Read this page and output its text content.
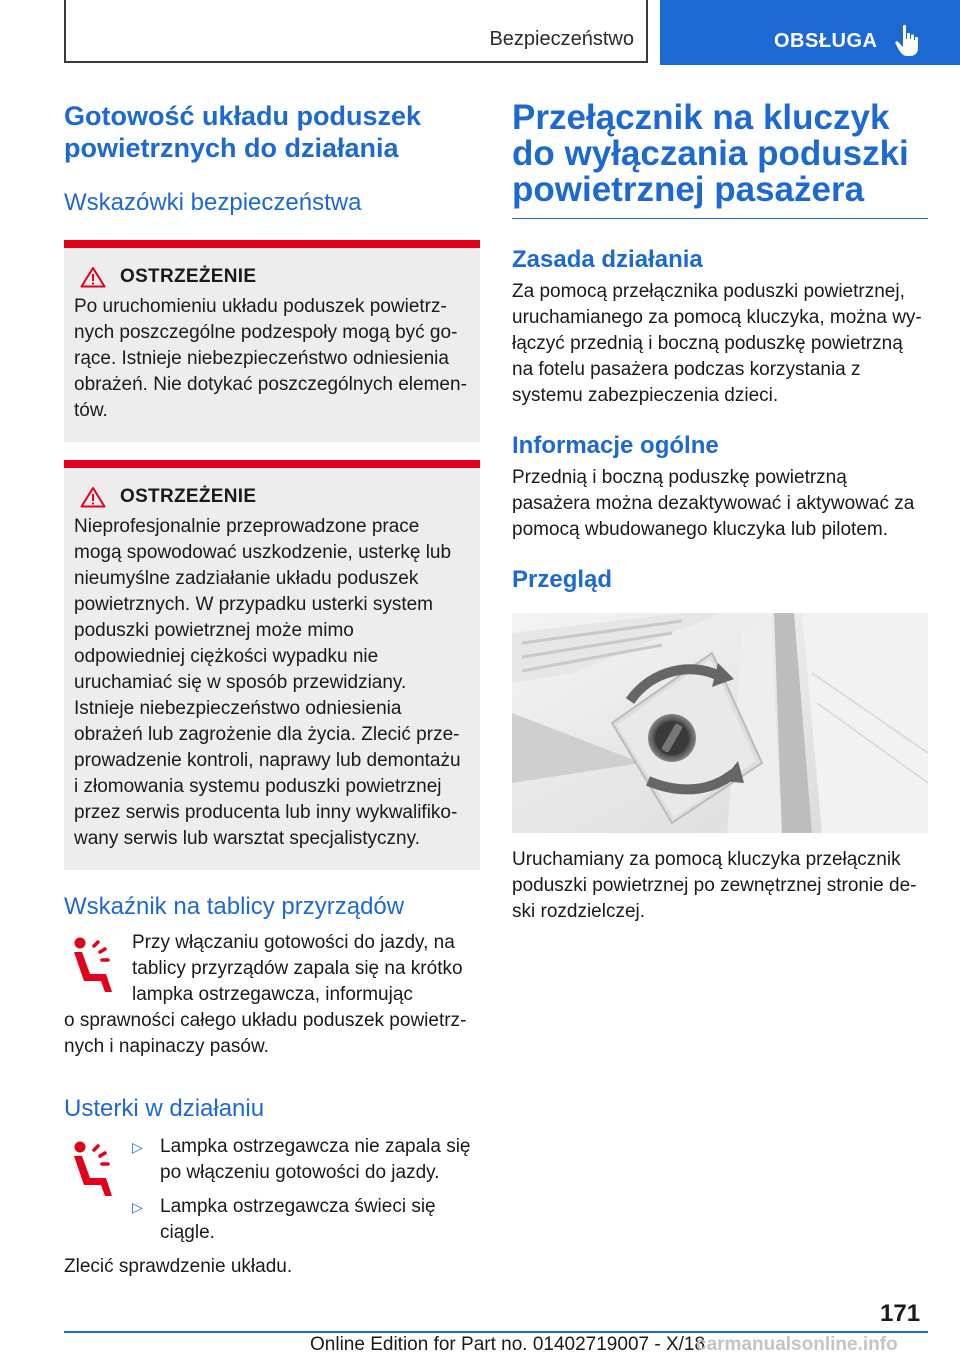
Bezpieczeństwo	OBSŁUGA
Gotowość układu poduszek powietrznych do działania
Wskazówki bezpieczeństwa
OSTRZEŻENIE

Po uruchomieniu układu poduszek powietrznych poszczególne podzespoły mogą być gorące. Istnieje niebezpieczeństwo odniesienia obrażeń. Nie dotykać poszczególnych elementów.

OSTRZEŻENIE

Nieprofesjonalnie przeprowadzone prace mogą spowodować uszkodzenie, usterkę lub nieumyślne zadziałanie układu poduszek powietrznych. W przypadku usterki system poduszki powietrznej może mimo odpowiedniej ciężkości wypadku nie uruchamiać się w sposób przewidziany. Istnieje niebezpieczeństwo odniesienia obrażeń lub zagrożenie dla życia. Zlecić przeprowadzenie kontroli, naprawy lub demontażu i złomowania systemu poduszki powietrznej przez serwis producenta lub inny wykwalifikowany serwis lub warsztat specjalistyczny.

Wskaźnik na tablicy przyrządów

Przy włączaniu gotowości do jazdy, na tablicy przyrządów zapala się na krótko lampka ostrzegawcza, informując

o sprawności całego układu poduszek powietrznych i napinaczy pasów.

Usterki w działaniu
▷ Lampka ostrzegawcza nie zapala się po włączeniu gotowości do jazdy.

▷ Lampka ostrzegawcza świeci się ciągle.

Zlecić sprawdzenie układu.

Przełącznik na kluczyk do wyłączania poduszki powietrznej pasażera
Zasada działania

Za pomocą przełącznika poduszki powietrznej, uruchamianego za pomocą kluczyka, można wyłączyć przednią i boczną poduszkę powietrzną na fotelu pasażera podczas korzystania z systemu zabezpieczenia dzieci.

Informacje ogólne

Przednią i boczną poduszkę powietrzną pasażera można dezaktywować i aktywować za pomocą wbudowanego kluczyka lub pilotem.

Przegląd

Uruchamiany za pomocą kluczyka przełącznik poduszki powietrznej po zewnętrznej stronie deski rozdzielczej.

171
Online Edition for Part no. 01402719007 - X/18
carmanualsonline.info
